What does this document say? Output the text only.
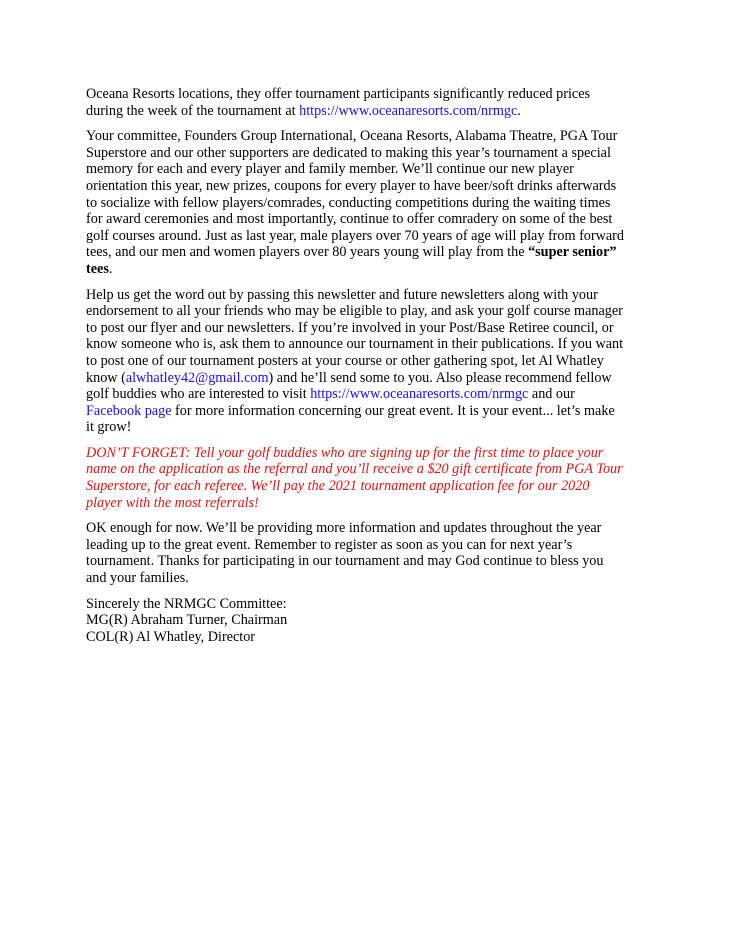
Oceana Resorts locations, they offer tournament participants significantly reduced prices during the week of the tournament at https://www.oceanaresorts.com/nrmgc.

Your committee, Founders Group International, Oceana Resorts, Alabama Theatre, PGA Tour Superstore and our other supporters are dedicated to making this year’s tournament a special memory for each and every player and family member. We’ll continue our new player orientation this year, new prizes, coupons for every player to have beer/soft drinks afterwards to socialize with fellow players/comrades, conducting competitions during the waiting times for award ceremonies and most importantly, continue to offer comradery on some of the best golf courses around. Just as last year, male players over 70 years of age will play from forward tees, and our men and women players over 80 years young will play from the “super senior” tees.

Help us get the word out by passing this newsletter and future newsletters along with your endorsement to all your friends who may be eligible to play, and ask your golf course manager to post our flyer and our newsletters. If you’re involved in your Post/Base Retiree council, or know someone who is, ask them to announce our tournament in their publications. If you want to post one of our tournament posters at your course or other gathering spot, let Al Whatley know (alwhatley42@gmail.com) and he’ll send some to you. Also please recommend fellow golf buddies who are interested to visit https://www.oceanaresorts.com/nrmgc and our Facebook page for more information concerning our great event. It is your event... let’s make it grow!

DON’T FORGET: Tell your golf buddies who are signing up for the first time to place your name on the application as the referral and you’ll receive a $20 gift certificate from PGA Tour Superstore, for each referee. We’ll pay the 2021 tournament application fee for our 2020 player with the most referrals!

OK enough for now. We’ll be providing more information and updates throughout the year leading up to the great event. Remember to register as soon as you can for next year’s tournament. Thanks for participating in our tournament and may God continue to bless you and your families.

Sincerely the NRMGC Committee:
MG(R) Abraham Turner, Chairman
COL(R) Al Whatley, Director
